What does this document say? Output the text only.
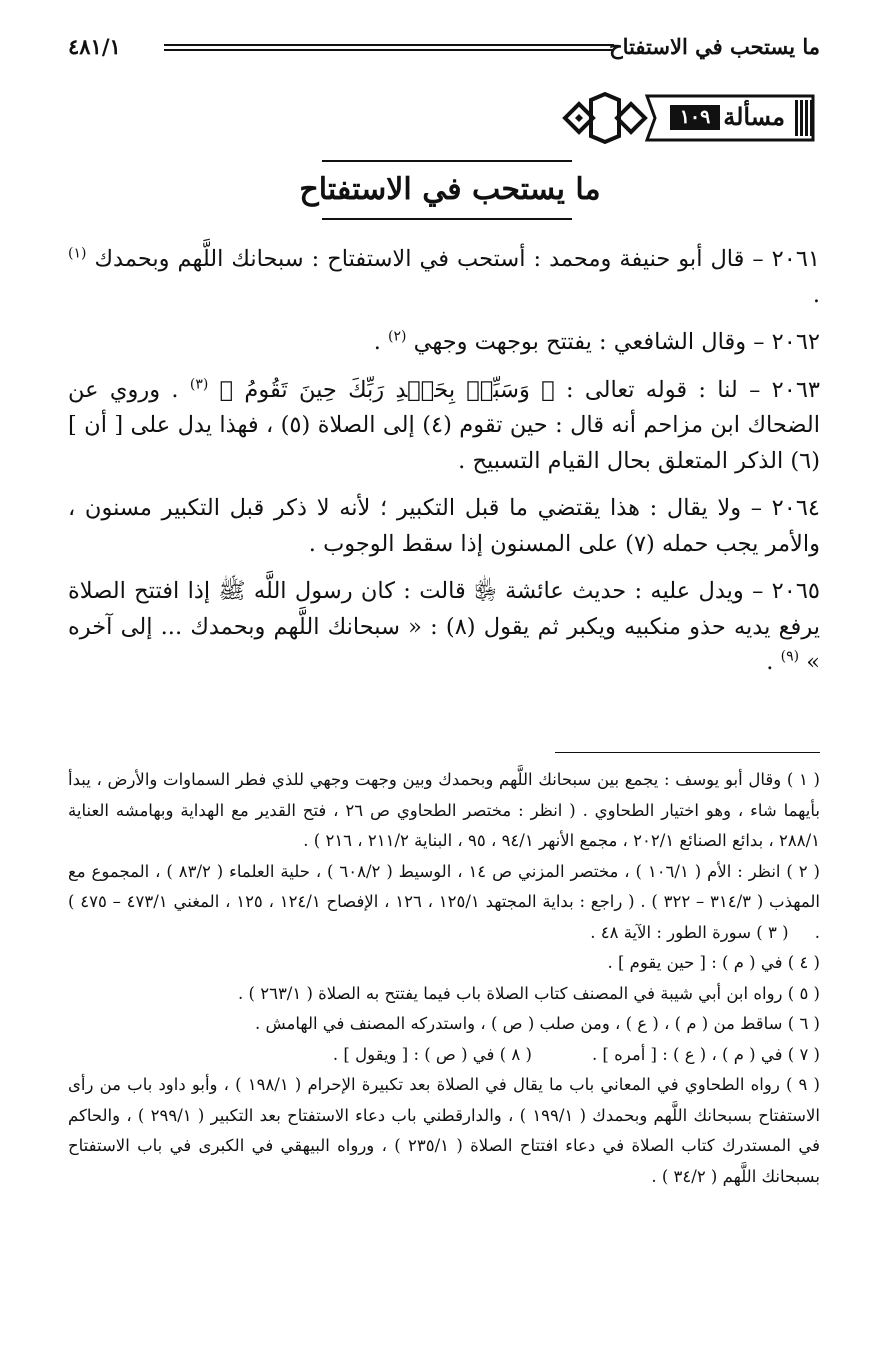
ما يستحب في الاستفتاح
٤٨١/١
مسألة
١٠٩
ما يستحب في الاستفتاح

٢٠٦١ – قال أبو حنيفة ومحمد : أستحب في الاستفتاح : سبحانك اللَّهم وبحمدك $^{(١)}$ .

٢٠٦٢ – وقال الشافعي : يفتتح بوجهت وجهي $^{(٢)}$ .

٢٠٦٣ – لنا : قوله تعالى : ﴿ وَسَبِّحۡ بِحَمۡدِ رَبِّكَ حِينَ تَقُومُ ﴾ $^{(٣)}$ . وروي عن الضحاك ابن مزاحم أنه قال : حين تقوم (٤) إلى الصلاة (٥) ، فهذا يدل على [ أن ] (٦) الذكر المتعلق بحال القيام التسبيح .

٢٠٦٤ – ولا يقال : هذا يقتضي ما قبل التكبير ؛ لأنه لا ذكر قبل التكبير مسنون ، والأمر يجب حمله (٧) على المسنون إذا سقط الوجوب .

٢٠٦٥ – ويدل عليه : حديث عائشة ﵂ قالت : كان رسول اللَّه ﷺ إذا افتتح الصلاة يرفع يديه حذو منكبيه ويكبر ثم يقول (٨) : « سبحانك اللَّهم وبحمدك ... إلى آخره » $^{(٩)}$ .

( ١ ) وقال أبو يوسف : يجمع بين سبحانك اللَّهم وبحمدك وبين وجهت وجهي للذي فطر السماوات والأرض ، يبدأ بأيهما شاء ، وهو اختيار الطحاوي . ( انظر : مختصر الطحاوي ص ٢٦ ، فتح القدير مع الهداية وبهامشه العناية ٢٨٨/١ ، بدائع الصنائع ٢٠٢/١ ، مجمع الأنهر ٩٤/١ ، ٩٥ ، البناية ٢١١/٢ ، ٢١٦ ) .

( ٢ ) انظر : الأم ( ١٠٦/١ ) ، مختصر المزني ص ١٤ ، الوسيط ( ٦٠٨/٢ ) ، حلية العلماء ( ٨٣/٢ ) ، المجموع مع المهذب ( ٣١٤/٣ – ٣٢٢ ) . ( راجع : بداية المجتهد ١٢٥/١ ، ١٢٦ ، الإفصاح ١٢٤/١ ، ١٢٥ ، المغني ٤٧٣/١ – ٤٧٥ ) .     ( ٣ ) سورة الطور : الآية ٤٨ .

( ٤ ) في ( م ) : [ حين يقوم ] .

( ٥ ) رواه ابن أبي شيبة في المصنف كتاب الصلاة باب فيما يفتتح به الصلاة ( ٢٦٣/١ ) .

( ٦ ) ساقط من ( م ) ، ( ع ) ، ومن صلب ( ص ) ، واستدركه المصنف في الهامش .

( ٧ ) في ( م ) ، ( ع ) : [ أمره ] .
( ٨ ) في ( ص ) : [ ويقول ] .

( ٩ ) رواه الطحاوي في المعاني باب ما يقال في الصلاة بعد تكبيرة الإحرام ( ١٩٨/١ ) ، وأبو داود باب من رأى الاستفتاح بسبحانك اللَّهم وبحمدك ( ١٩٩/١ ) ، والدارقطني باب دعاء الاستفتاح بعد التكبير ( ٢٩٩/١ ) ، والحاكم في المستدرك كتاب الصلاة في دعاء افتتاح الصلاة ( ٢٣٥/١ ) ، ورواه البيهقي في الكبرى في باب الاستفتاح بسبحانك اللَّهم ( ٣٤/٢ ) .
